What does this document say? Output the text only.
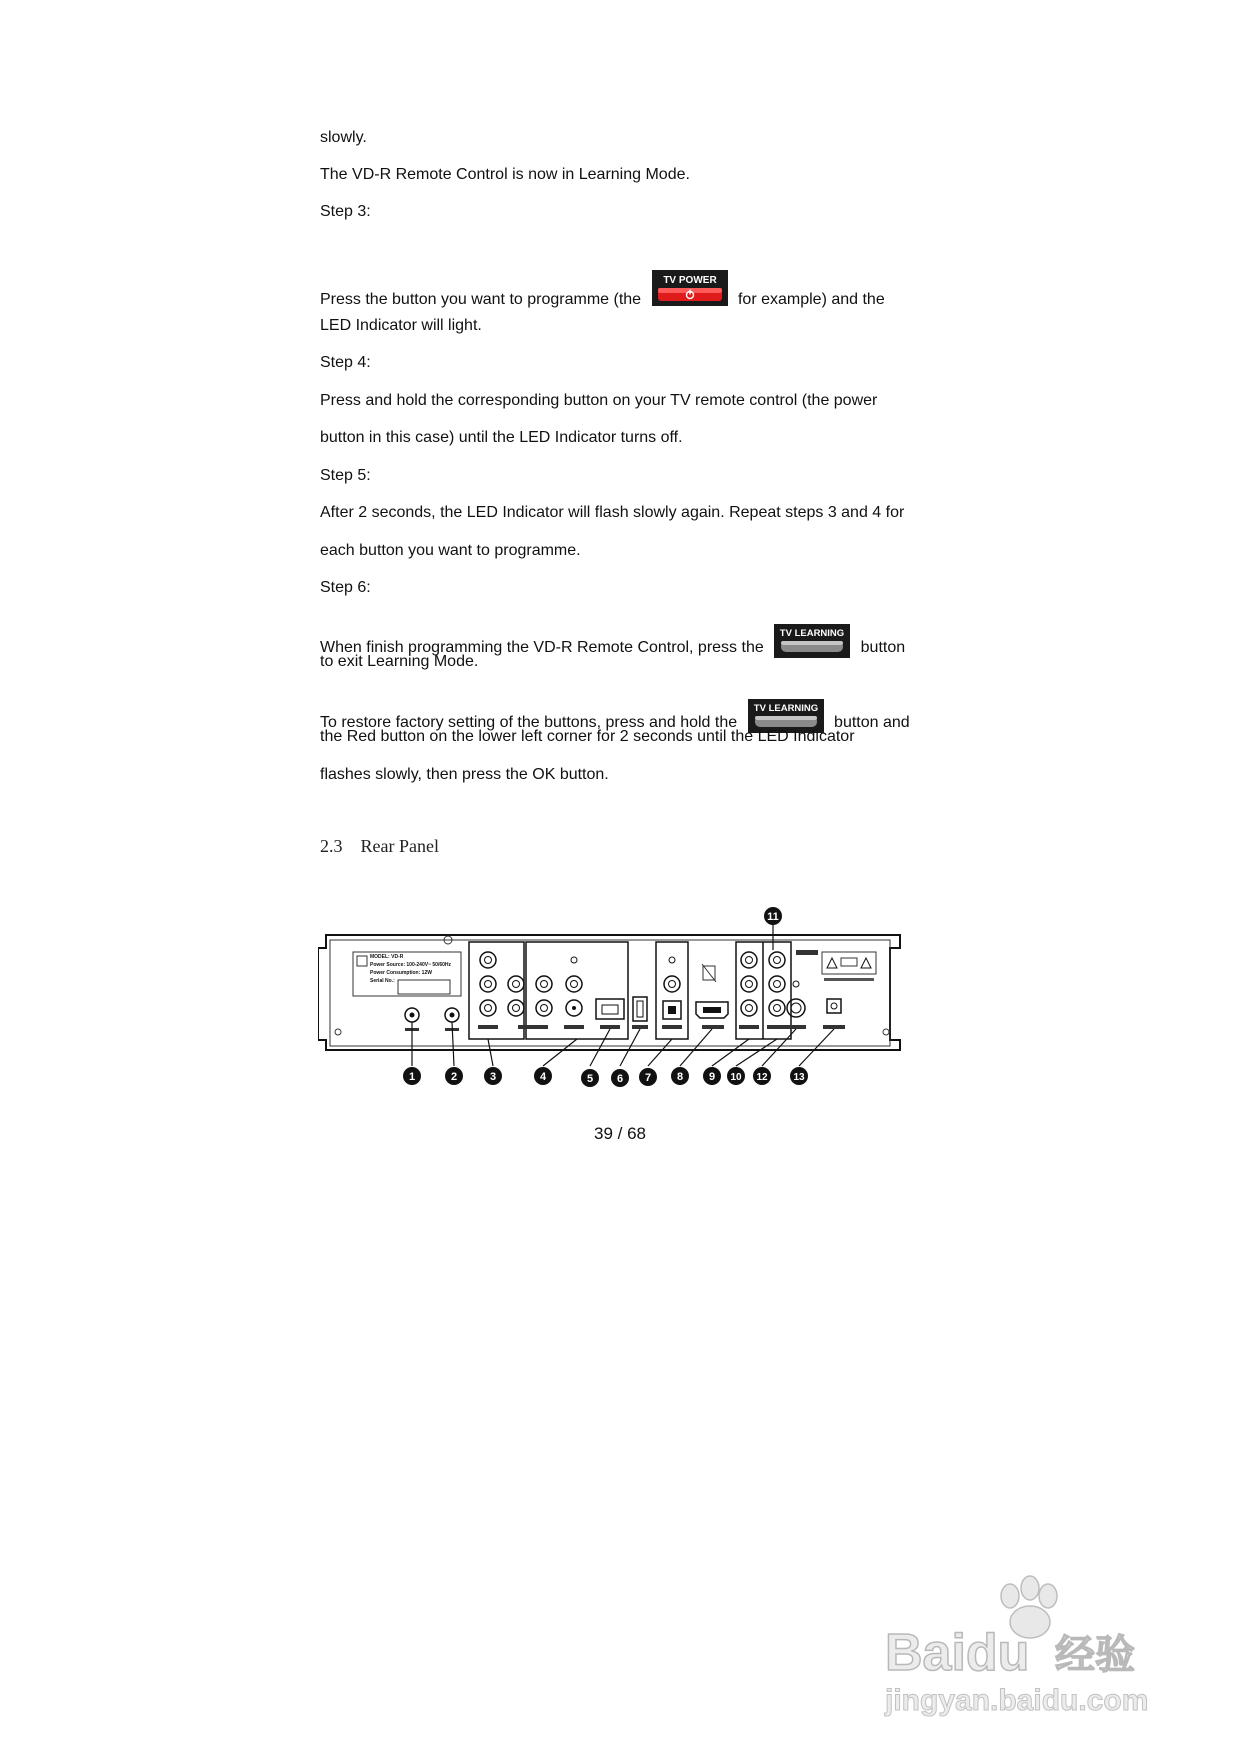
slowly.
The VD-R Remote Control is now in Learning Mode.
Step 3:
Press the button you want to programme (the
TV POWER
for example) and the
LED Indicator will light.
Step 4:
Press and hold the corresponding button on your TV remote control (the power
button in this case) until the LED Indicator turns off.
Step 5:
After 2 seconds, the LED Indicator will flash slowly again. Repeat steps 3 and 4 for
each button you want to programme.
Step 6:
When finish programming the VD-R Remote Control, press the
TV LEARNING
button
to exit Learning Mode.
To restore factory setting of the buttons, press and hold the
TV LEARNING
button and
the Red button on the lower left corner for 2 seconds until the LED Indicator
flashes slowly, then press the OK button.
2.3 Rear Panel
MODEL: VD-R
Power Source: 100-240V~ 50/60Hz
Power Consumption: 12W
Serial No.:
11
1	2	3	4	5 6 7 8 9 10 12	13
39 / 68
Baidu 经验
jingyan.baidu.com
